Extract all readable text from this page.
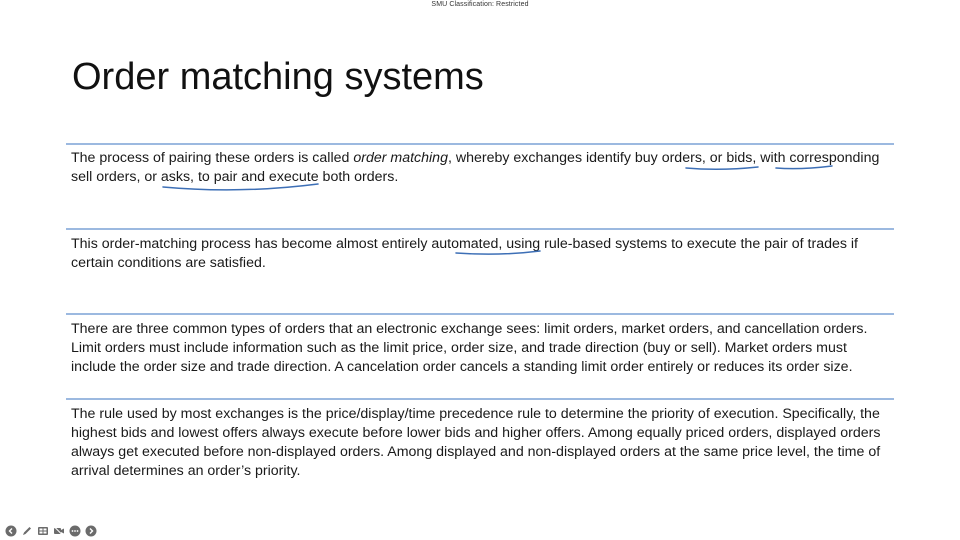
SMU Classification: Restricted
Order matching systems

The process of pairing these orders is called order matching, whereby exchanges identify buy orders, or bids, with corresponding sell orders, or asks, to pair and execute both orders.

This order-matching process has become almost entirely automated, using rule-based systems to execute the pair of trades if certain conditions are satisfied.

There are three common types of orders that an electronic exchange sees: limit orders, market orders, and cancellation orders. Limit orders must include information such as the limit price, order size, and trade direction (buy or sell). Market orders must include the order size and trade direction. A cancelation order cancels a standing limit order entirely or reduces its order size.

The rule used by most exchanges is the price/display/time precedence rule to determine the priority of execution. Specifically, the highest bids and lowest offers always execute before lower bids and higher offers. Among equally priced orders, displayed orders always get executed before non-displayed orders. Among displayed and non-displayed orders at the same price level, the time of arrival determines an order’s priority.
